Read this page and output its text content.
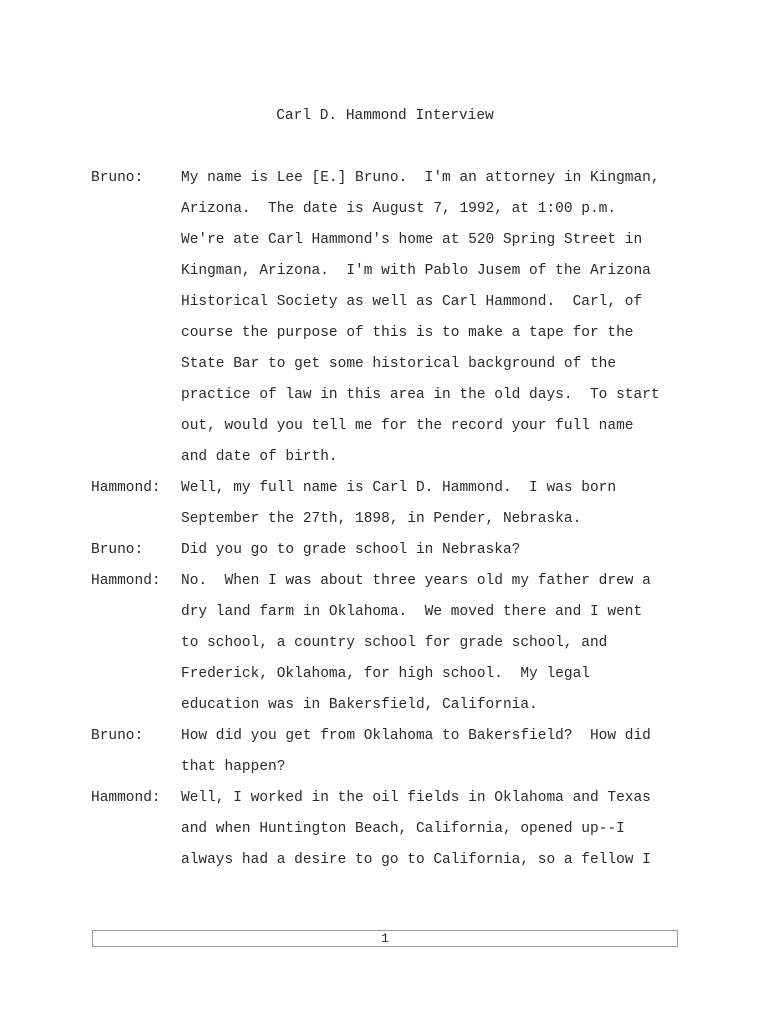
Carl D. Hammond Interview
Bruno:	My name is Lee [E.] Bruno.  I'm an attorney in Kingman,
Arizona.  The date is August 7, 1992, at 1:00 p.m.
We're ate Carl Hammond's home at 520 Spring Street in
Kingman, Arizona.  I'm with Pablo Jusem of the Arizona
Historical Society as well as Carl Hammond.  Carl, of
course the purpose of this is to make a tape for the
State Bar to get some historical background of the
practice of law in this area in the old days.  To start
out, would you tell me for the record your full name
and date of birth.
Hammond:	Well, my full name is Carl D. Hammond.  I was born
September the 27th, 1898, in Pender, Nebraska.
Bruno:	Did you go to grade school in Nebraska?
Hammond:	No.  When I was about three years old my father drew a
dry land farm in Oklahoma.  We moved there and I went
to school, a country school for grade school, and
Frederick, Oklahoma, for high school.  My legal
education was in Bakersfield, California.
Bruno:	How did you get from Oklahoma to Bakersfield?  How did
that happen?
Hammond:	Well, I worked in the oil fields in Oklahoma and Texas
and when Huntington Beach, California, opened up--I
always had a desire to go to California, so a fellow I
1
